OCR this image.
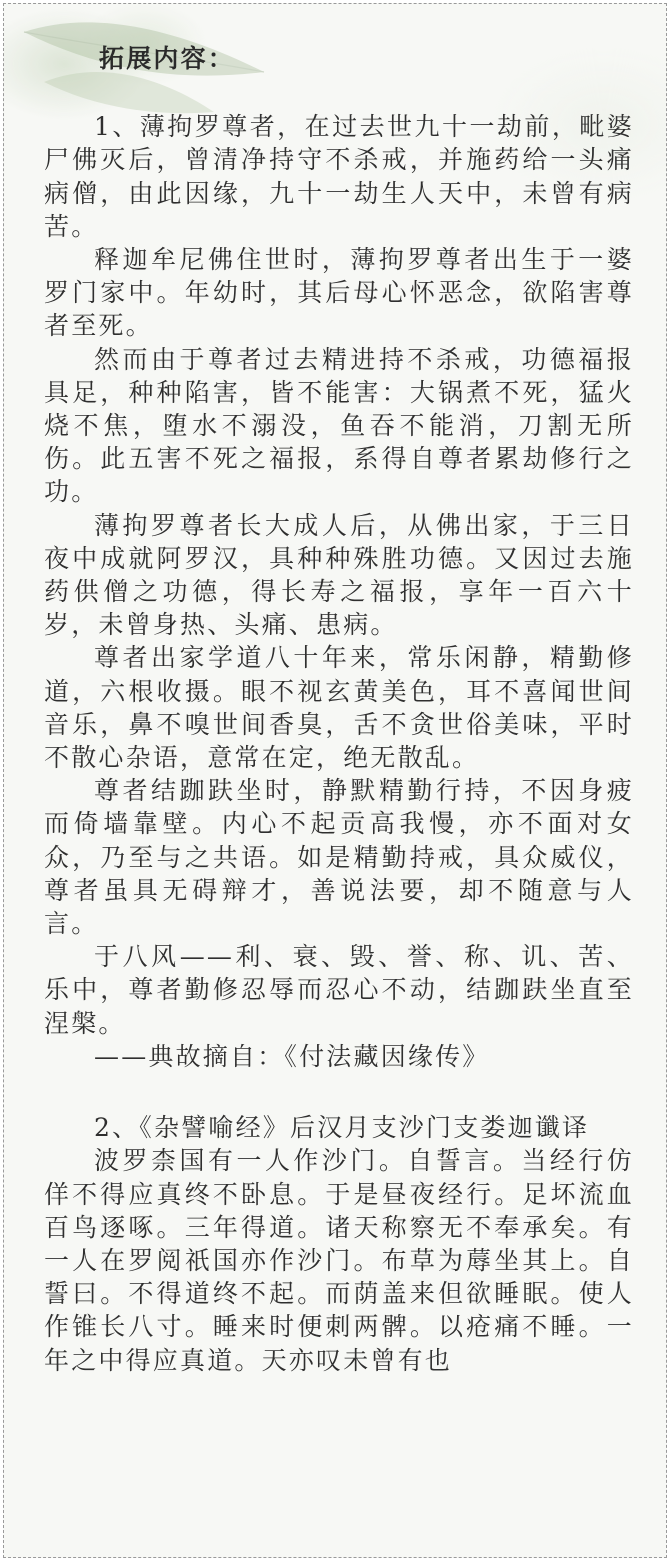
拓展内容：

1、薄拘罗尊者，在过去世九十一劫前，毗婆尸佛灭后，曾清净持守不杀戒，并施药给一头痛病僧，由此因缘，九十一劫生人天中，未曾有病苦。

释迦牟尼佛住世时，薄拘罗尊者出生于一婆罗门家中。年幼时，其后母心怀恶念，欲陷害尊者至死。

然而由于尊者过去精进持不杀戒，功德福报具足，种种陷害，皆不能害：大锅煮不死，猛火烧不焦，堕水不溺没，鱼吞不能消，刀割无所伤。此五害不死之福报，系得自尊者累劫修行之功。

薄拘罗尊者长大成人后，从佛出家，于三日夜中成就阿罗汉，具种种殊胜功德。又因过去施药供僧之功德，得长寿之福报，享年一百六十岁，未曾身热、头痛、患病。

尊者出家学道八十年来，常乐闲静，精勤修道，六根收摄。眼不视玄黄美色，耳不喜闻世间音乐，鼻不嗅世间香臭，舌不贪世俗美味，平时不散心杂语，意常在定，绝无散乱。

尊者结跏趺坐时，静默精勤行持，不因身疲而倚墙靠壁。内心不起贡高我慢，亦不面对女众，乃至与之共语。如是精勤持戒，具众威仪，尊者虽具无碍辩才，善说法要，却不随意与人言。

于八风——利、衰、毁、誉、称、讥、苦、乐中，尊者勤修忍辱而忍心不动，结跏趺坐直至涅槃。

——典故摘自：《付法藏因缘传》

2、《杂譬喻经》后汉月支沙门支娄迦谶译

波罗柰国有一人作沙门。自誓言。当经行仿佯不得应真终不卧息。于是昼夜经行。足坏流血百鸟逐啄。三年得道。诸天称察无不奉承矣。有一人在罗阅祇国亦作沙门。布草为蓐坐其上。自誓曰。不得道终不起。而荫盖来但欲睡眠。使人作锥长八寸。睡来时便刺两髀。以疮痛不睡。一年之中得应真道。天亦叹未曾有也
